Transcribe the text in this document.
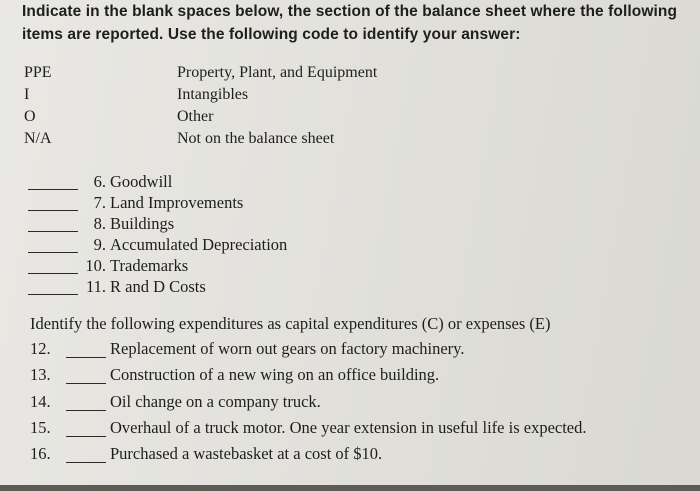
Indicate in the blank spaces below, the section of the balance sheet where the following
items are reported. Use the following code to identify your answer:
PPE	Property, Plant, and Equipment
I	Intangibles
O	Other
N/A	Not on the balance sheet
6. Goodwill
7. Land Improvements
8. Buildings
9. Accumulated Depreciation
10. Trademarks
11. R and D Costs
Identify the following expenditures as capital expenditures (C) or expenses (E)
12.	Replacement of worn out gears on factory machinery.
13.	Construction of a new wing on an office building.
14.	Oil change on a company truck.
15.	Overhaul of a truck motor. One year extension in useful life is expected.
16.	Purchased a wastebasket at a cost of $10.
